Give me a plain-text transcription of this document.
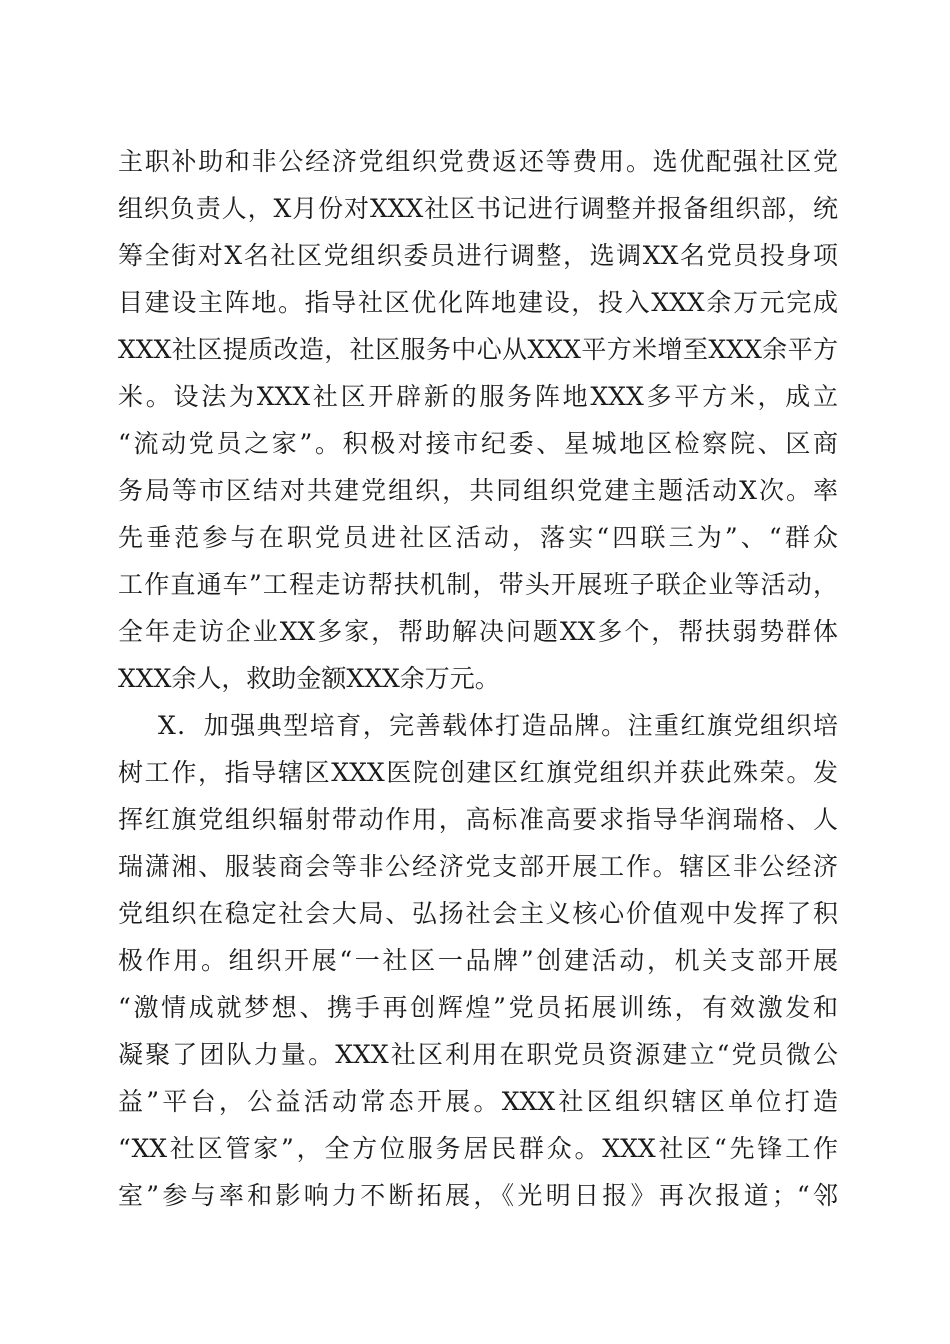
主职补助和非公经济党组织党费返还等费用。选优配强社区党
组织负责人，X月份对XXX社区书记进行调整并报备组织部，统
筹全街对X名社区党组织委员进行调整，选调XX名党员投身项
目建设主阵地。指导社区优化阵地建设，投入XXX余万元完成
XXX社区提质改造，社区服务中心从XXX平方米增至XXX余平方
米。设法为XXX社区开辟新的服务阵地XXX多平方米，成立
“流动党员之家”。积极对接市纪委、星城地区检察院、区商
务局等市区结对共建党组织，共同组织党建主题活动X次。率
先垂范参与在职党员进社区活动，落实“四联三为”、“群众
工作直通车”工程走访帮扶机制，带头开展班子联企业等活动，
全年走访企业XX多家，帮助解决问题XX多个，帮扶弱势群体
XXX余人，救助金额XXX余万元。
X．加强典型培育，完善载体打造品牌。注重红旗党组织培
树工作，指导辖区XXX医院创建区红旗党组织并获此殊荣。发
挥红旗党组织辐射带动作用，高标准高要求指导华润瑞格、人
瑞潇湘、服装商会等非公经济党支部开展工作。辖区非公经济
党组织在稳定社会大局、弘扬社会主义核心价值观中发挥了积
极作用。组织开展“一社区一品牌”创建活动，机关支部开展
“激情成就梦想、携手再创辉煌”党员拓展训练，有效激发和
凝聚了团队力量。XXX社区利用在职党员资源建立“党员微公
益”平台，公益活动常态开展。XXX社区组织辖区单位打造
“XX社区管家”，全方位服务居民群众。XXX社区“先锋工作
室”参与率和影响力不断拓展，《光明日报》再次报道；“邻
